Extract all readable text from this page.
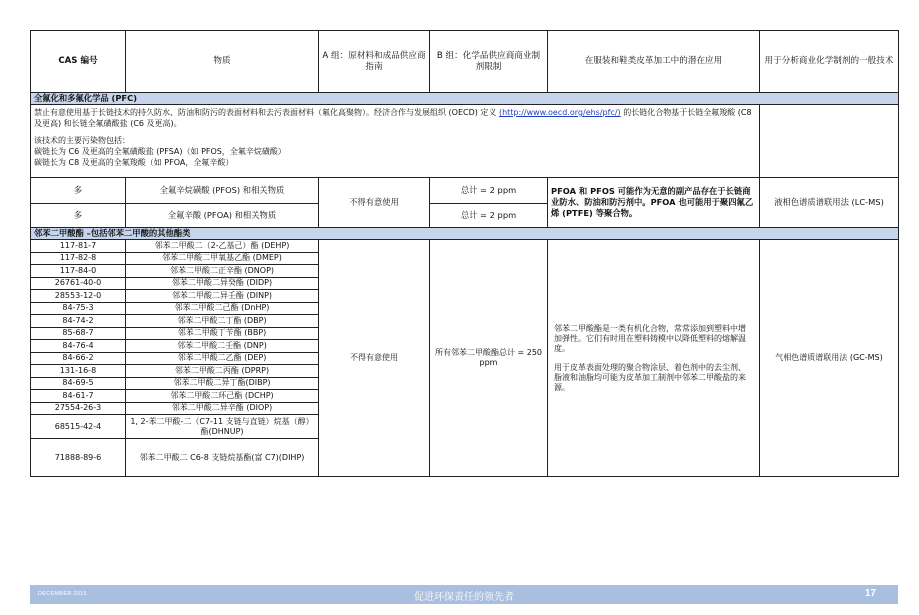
CAS 编号	物质	A 组：原材料和成品供应商指南	B 组：化学品供应商商业制剂限制	在服装和鞋类皮革加工中的潜在应用	用于分析商业化学制剂的一般技术
全氟化和多氟化学品 (PFC)					

禁止有意使用基于长链技术的持久防水、防油和防污的表面材料和去污表面材料（氟化高聚物）。经济合作与发展组织 (OECD) 定义 (http://www.oecd.org/ehs/pfc/) 的长链化合物基于长链全氟羧酸 (C8 及更高) 和长链全氟磺酸盐 (C6 及更高)。
该技术的主要污染物包括：
碳链长为 C6 及更高的全氟磺酸盐 (PFSA)（如 PFOS，全氟辛烷磺酸）
碳链长为 C8 及更高的全氟羧酸（如 PFOA，全氟辛酸）					

多	全氟辛烷磺酸 (PFOS) 和相关物质	不得有意使用	总计 = 2 ppm	PFOA 和 PFOS 可能作为无意的副产品存在于长链商业防水、防油和防污剂中。PFOA 也可能用于聚四氟乙烯 (PTFE) 等聚合物。	液相色谱质谱联用法 (LC-MS)
多	全氟辛酸 (PFOA) 和相关物质		总计 = 2 ppm		
邻苯二甲酸酯 –包括邻苯二甲酸的其他酯类					
117-81-7	邻苯二甲酸二（2-乙基己）酯 (DEHP)	不得有意使用	所有邻苯二甲酸酯总计 = 250 ppm	邻苯二甲酸酯是一类有机化合物，常常添加到塑料中增加弹性。它们有时用在塑料铸模中以降低塑料的熔解温度。
用于皮革表面处理的聚合物涂层、着色剂中的去尘剂、脂液和油脂均可能为皮革加工制剂中邻苯二甲酸盐的来源。	气相色谱质谱联用法 (GC-MS)
117-82-8	邻苯二甲酸二甲氧基乙酯 (DMEP)				
117-84-0	邻苯二甲酸二正辛酯 (DNOP)				
26761-40-0	邻苯二甲酸二异癸酯 (DIDP)				
28553-12-0	邻苯二甲酸二异壬酯 (DINP)				
84-75-3	邻苯二甲酸二己酯 (DnHP)				
84-74-2	邻苯二甲酸二丁酯 (DBP)				
85-68-7	邻苯二甲酸丁苄酯 (BBP)				
84-76-4	邻苯二甲酸二壬酯 (DNP)				
84-66-2	邻苯二甲酸二乙酯 (DEP)				
131-16-8	邻苯二甲酸二丙酯 (DPRP)				
84-69-5	邻苯二甲酸二异丁酯(DIBP)				
84-61-7	邻苯二甲酸二环己酯 (DCHP)				
27554-26-3	邻苯二甲酸二异辛酯 (DIOP)				
68515-42-4	1, 2-苯二甲酸-二（C7-11 支链与直链）烷基（醇）酯(DHNUP)				
71888-89-6	邻苯二甲酸二 C6-8 支链烷基酯(富 C7)(DIHP)				
DECEMBER 2015	促进环保责任的领先者	17
